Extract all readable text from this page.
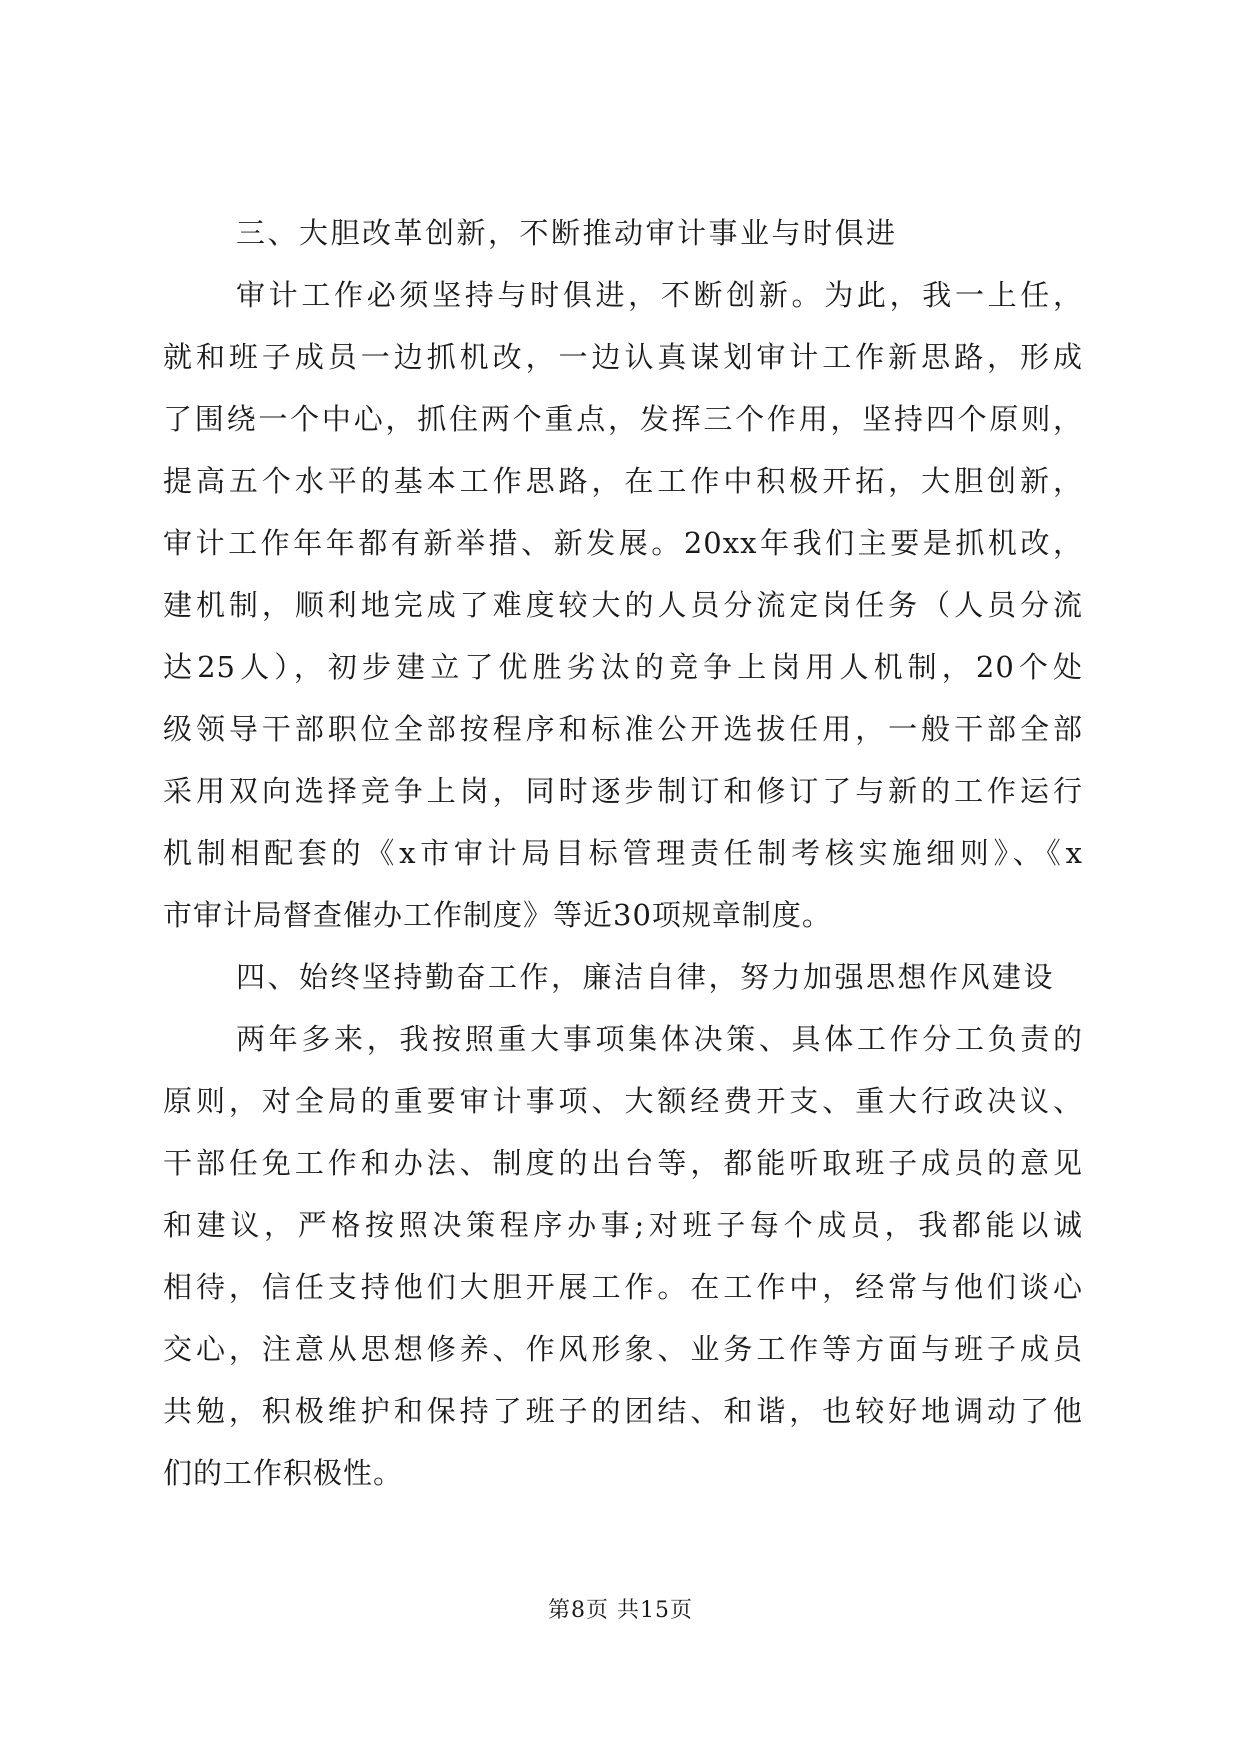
三、大胆改革创新，不断推动审计事业与时俱进
审计工作必须坚持与时俱进，不断创新。为此，我一上任，
就和班子成员一边抓机改，一边认真谋划审计工作新思路，形成
了围绕一个中心，抓住两个重点，发挥三个作用，坚持四个原则，
提高五个水平的基本工作思路，在工作中积极开拓，大胆创新，
审计工作年年都有新举措、新发展。20xx年我们主要是抓机改，
建机制，顺利地完成了难度较大的人员分流定岗任务（人员分流
达25人），初步建立了优胜劣汰的竞争上岗用人机制，20个处
级领导干部职位全部按程序和标准公开选拔任用，一般干部全部
采用双向选择竞争上岗，同时逐步制订和修订了与新的工作运行
机制相配套的《x市审计局目标管理责任制考核实施细则》、《x
市审计局督查催办工作制度》等近30项规章制度。
四、始终坚持勤奋工作，廉洁自律，努力加强思想作风建设
两年多来，我按照重大事项集体决策、具体工作分工负责的
原则，对全局的重要审计事项、大额经费开支、重大行政决议、
干部任免工作和办法、制度的出台等，都能听取班子成员的意见
和建议，严格按照决策程序办事;对班子每个成员，我都能以诚
相待，信任支持他们大胆开展工作。在工作中，经常与他们谈心
交心，注意从思想修养、作风形象、业务工作等方面与班子成员
共勉，积极维护和保持了班子的团结、和谐，也较好地调动了他
们的工作积极性。
第8页 共15页
